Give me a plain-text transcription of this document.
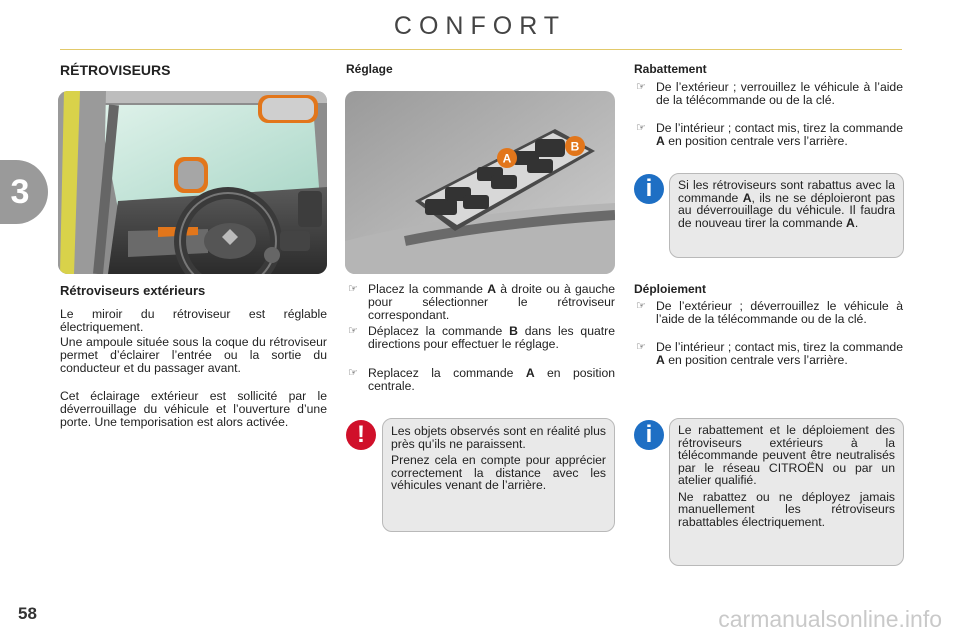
CONFORT
3
RÉTROVISEURS
Rétroviseurs extérieurs

Le miroir du rétroviseur est réglable électriquement.

Une ampoule située sous la coque du rétroviseur permet d’éclairer l’entrée ou la sortie du conducteur et du passager avant.

Cet éclairage extérieur est sollicité par le déverrouillage du véhicule et l’ouverture d’une porte. Une temporisation est alors activée.

Réglage
A
B
☞ Placez la commande A à droite ou à gauche pour sélectionner le rétroviseur correspondant.
☞ Déplacez la commande B dans les quatre directions pour effectuer le réglage.
☞ Replacez la commande A en position centrale.
!	Les objets observés sont en réalité plus près qu’ils ne paraissent.

Prenez cela en compte pour apprécier correctement la distance avec les véhicules venant de l’arrière.

Rabattement
☞ De l’extérieur ; verrouillez le véhicule à l’aide de la télécommande ou de la clé.
☞ De l’intérieur ; contact mis, tirez la commande A en position centrale vers l’arrière.
i	Si les rétroviseurs sont rabattus avec la commande A, ils ne se déploieront pas au déverrouillage du véhicule. Il faudra de nouveau tirer la commande A.

Déploiement
☞ De l’extérieur ; déverrouillez le véhicule à l’aide de la télécommande ou de la clé.
☞ De l’intérieur ; contact mis, tirez la commande A en position centrale vers l’arrière.
i	Le rabattement et le déploiement des rétroviseurs extérieurs à la télécommande peuvent être neutralisés par le réseau CITROËN ou par un atelier qualifié.

Ne rabattez ou ne déployez jamais manuellement les rétroviseurs rabattables électriquement.

58	carmanualsonline.info
